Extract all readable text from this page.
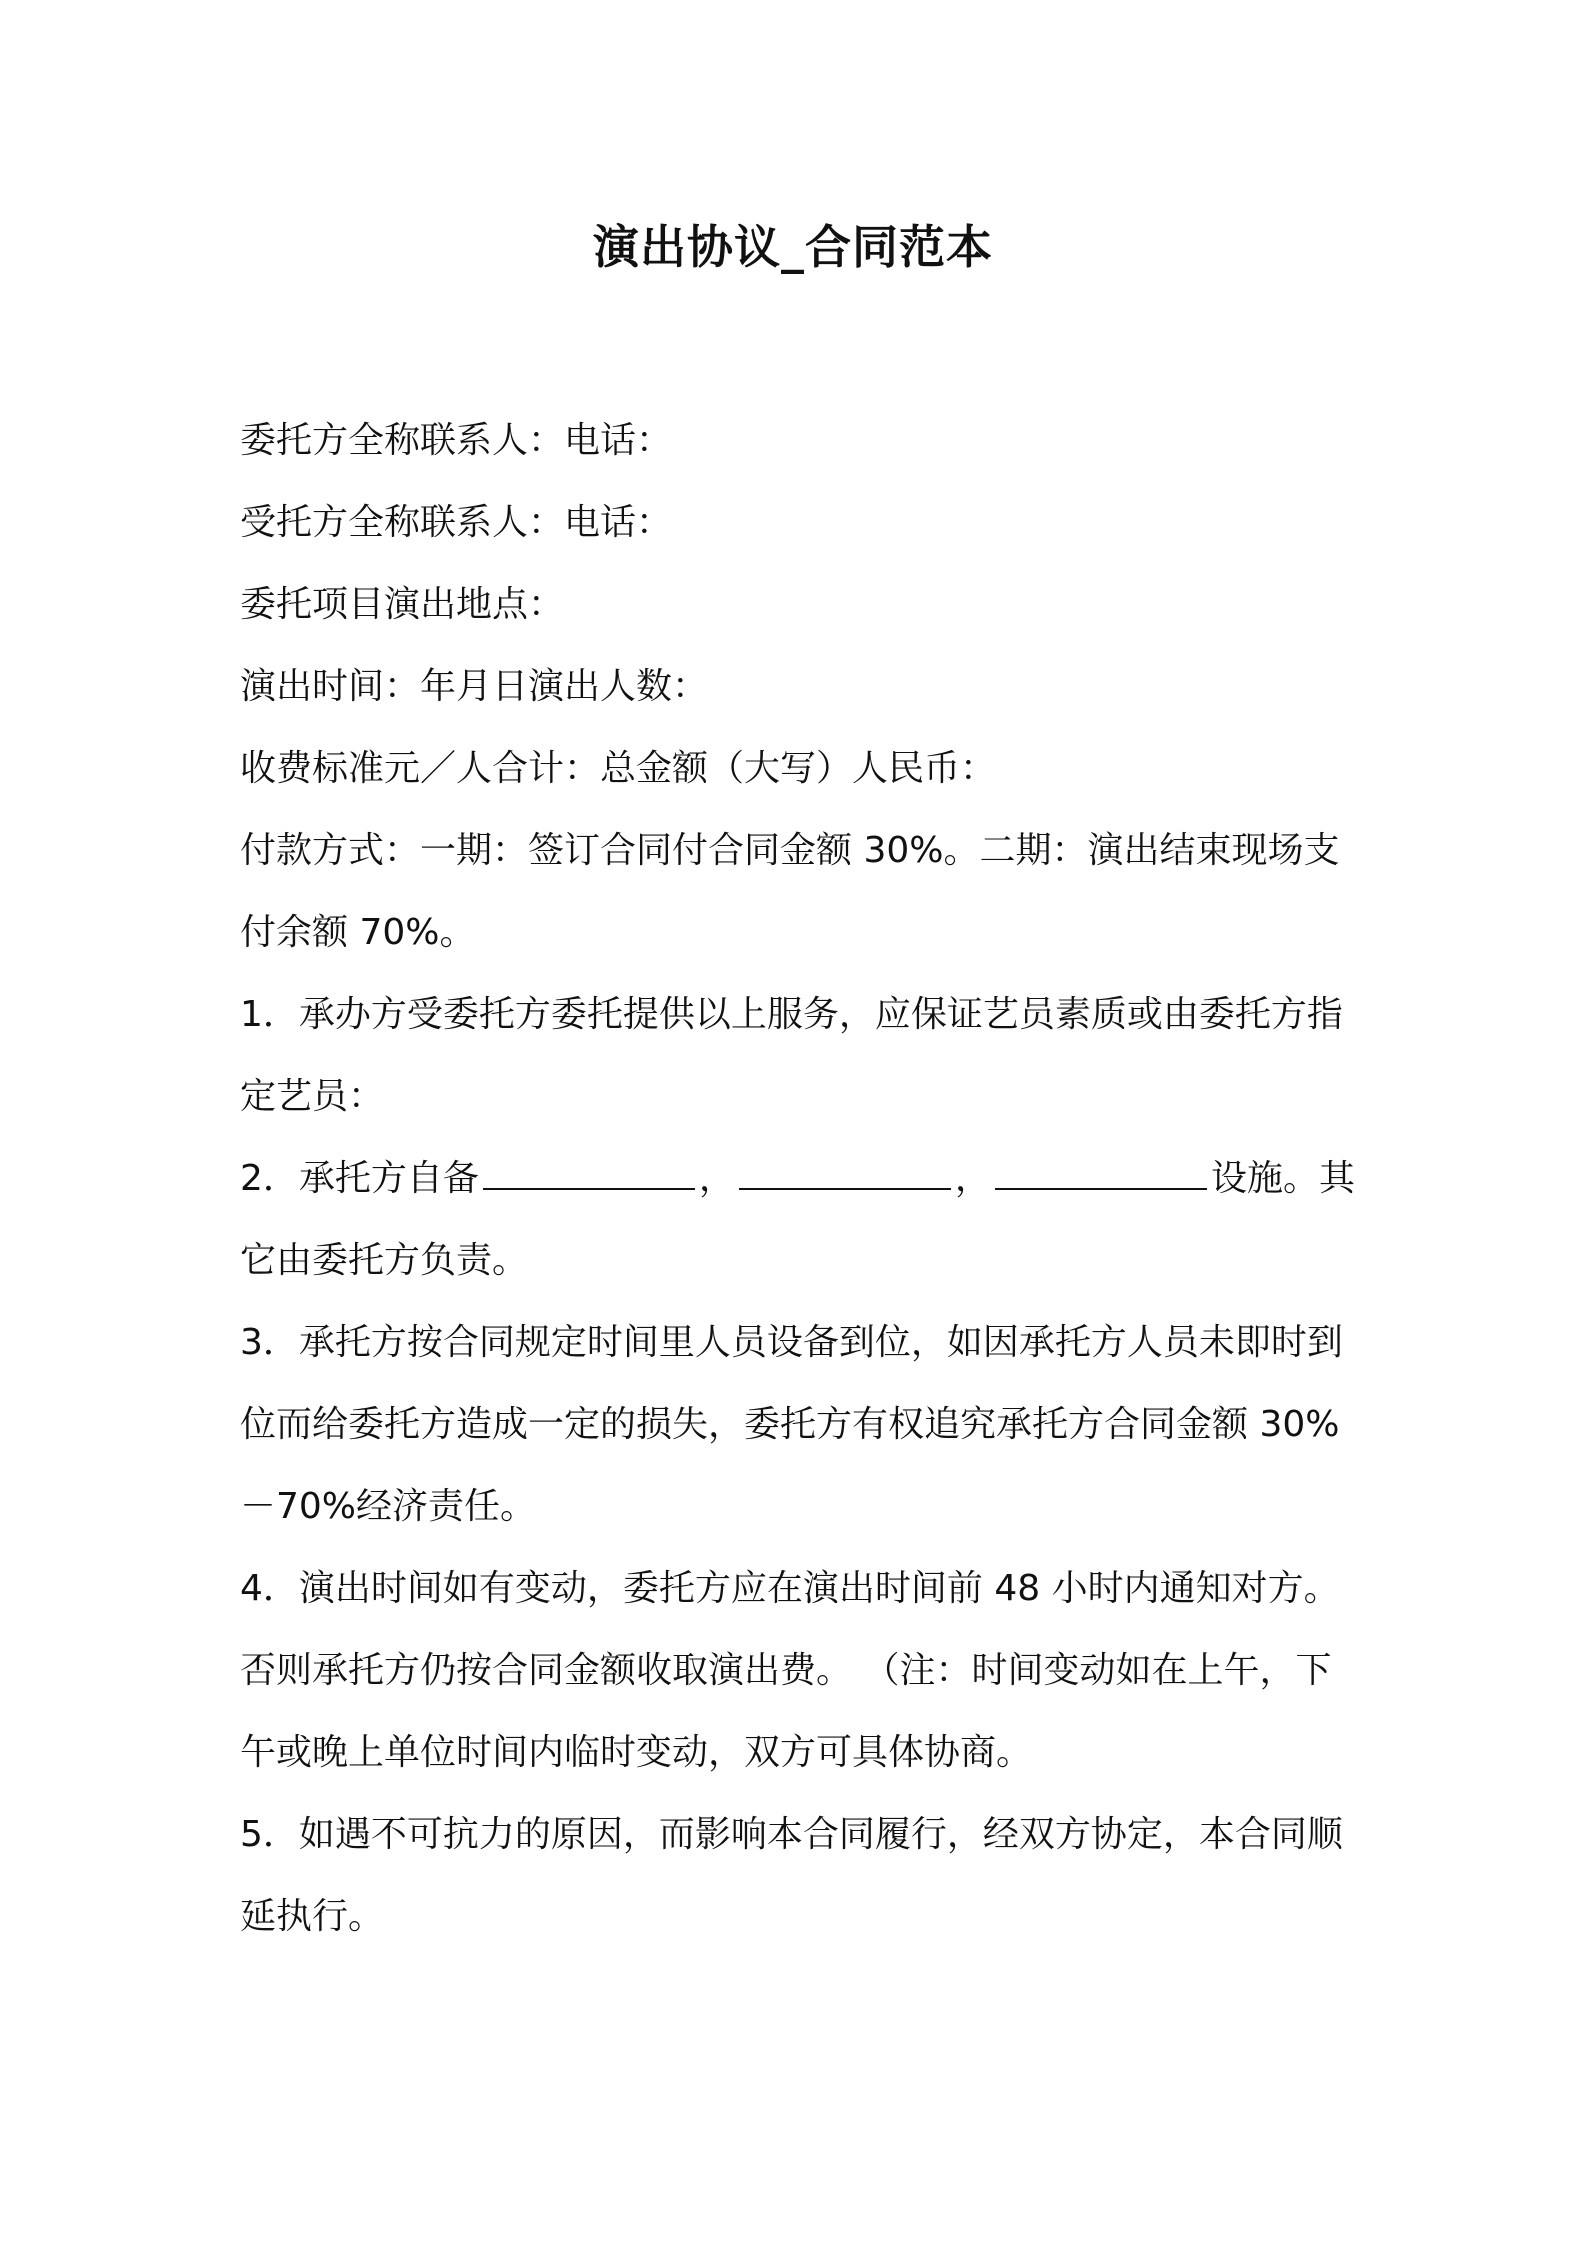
演出协议_合同范本

委托方全称联系人：电话：

受托方全称联系人：电话：

委托项目演出地点：

演出时间：年月日演出人数：

收费标准元／人合计：总金额（大写）人民币：

付款方式：一期：签订合同付合同金额 30%。二期：演出结束现场支付余额 70%。

1．承办方受委托方委托提供以上服务，应保证艺员素质或由委托方指定艺员：

2．承托方自备	，	，	设施。其它由委托方负责。

3．承托方按合同规定时间里人员设备到位，如因承托方人员未即时到位而给委托方造成一定的损失，委托方有权追究承托方合同金额 30%－70%经济责任。

4．演出时间如有变动，委托方应在演出时间前 48 小时内通知对方。否则承托方仍按合同金额收取演出费。 （注：时间变动如在上午，下午或晚上单位时间内临时变动，双方可具体协商。

5．如遇不可抗力的原因，而影响本合同履行，经双方协定，本合同顺延执行。
